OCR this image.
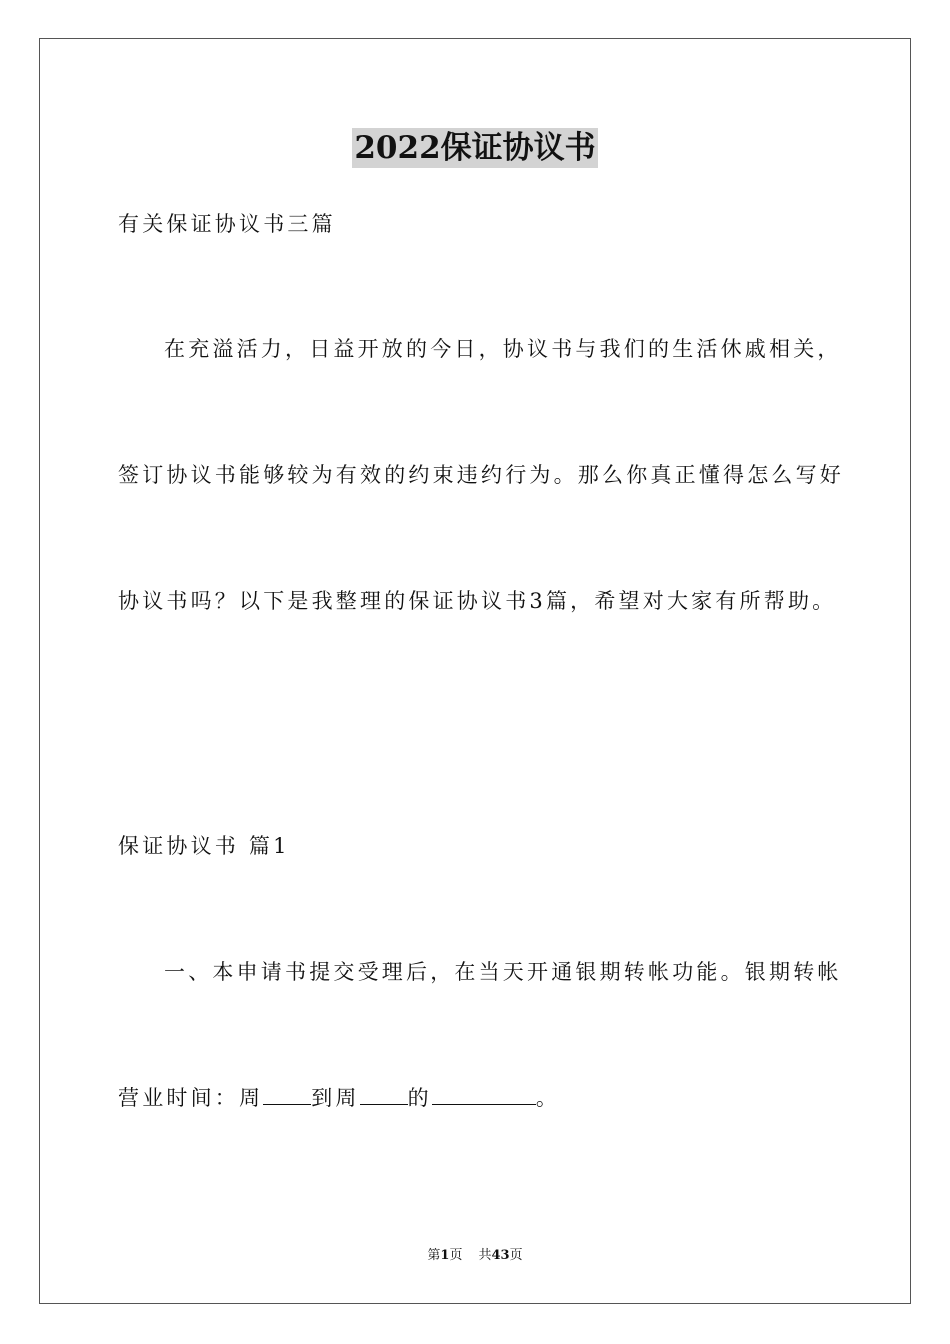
2022保证协议书
有关保证协议书三篇
在充溢活力，日益开放的今日，协议书与我们的生活休戚相关，
签订协议书能够较为有效的约束违约行为。那么你真正懂得怎么写好
协议书吗？以下是我整理的保证协议书3篇，希望对大家有所帮助。
保证协议书 篇1
一、本申请书提交受理后，在当天开通银期转帐功能。银期转帐
营业时间：周 到周 的	。
第1页 共43页
